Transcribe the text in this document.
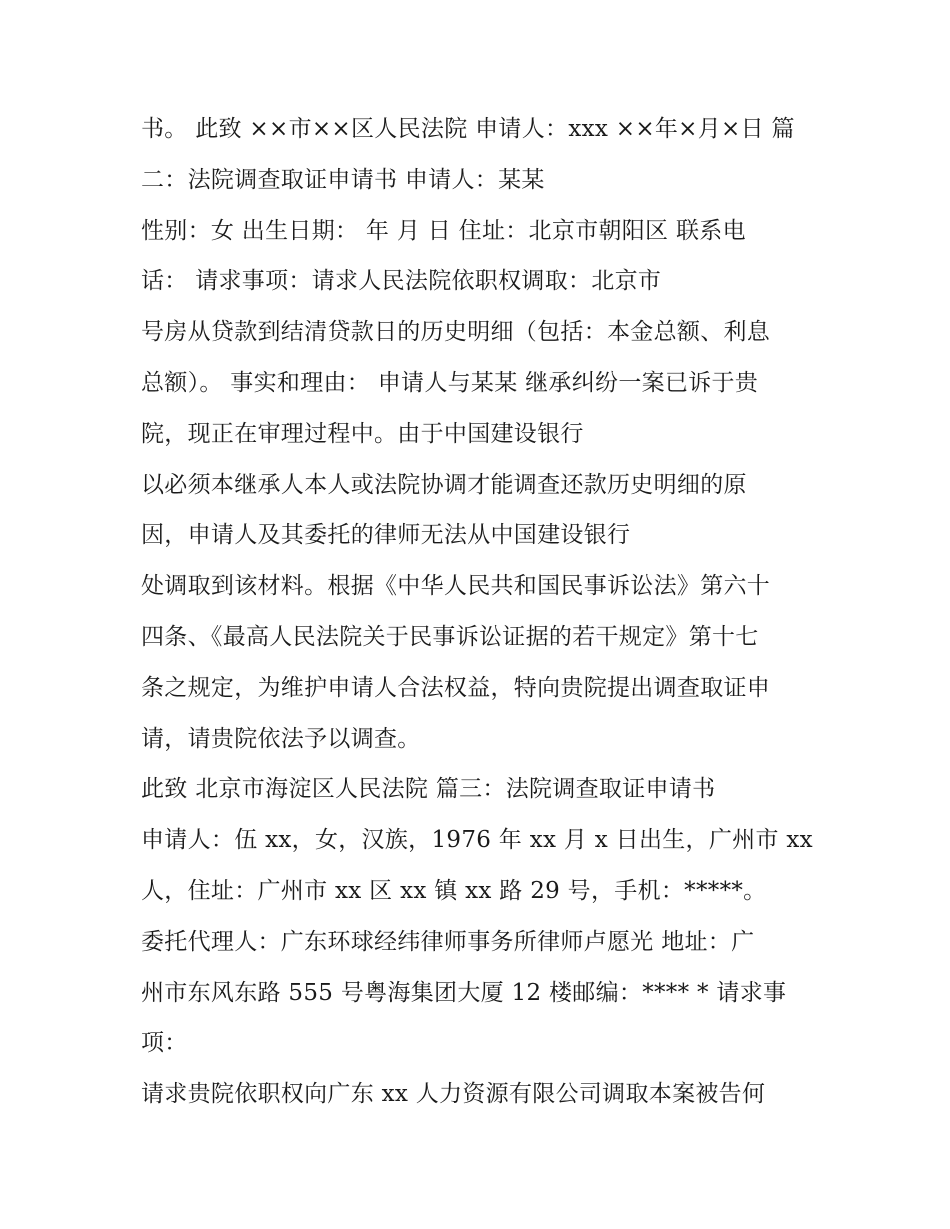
书。 此致 ××市××区人民法院 申请人：xxx ××年×月×日 篇
二：法院调查取证申请书 申请人：某某
性别：女 出生日期： 年 月 日 住址：北京市朝阳区 联系电
话： 请求事项：请求人民法院依职权调取：北京市
号房从贷款到结清贷款日的历史明细（包括：本金总额、利息
总额）。 事实和理由： 申请人与某某 继承纠纷一案已诉于贵
院，现正在审理过程中。由于中国建设银行
以必须本继承人本人或法院协调才能调查还款历史明细的原
因，申请人及其委托的律师无法从中国建设银行
处调取到该材料。根据《中华人民共和国民事诉讼法》第六十
四条、《最高人民法院关于民事诉讼证据的若干规定》第十七
条之规定，为维护申请人合法权益，特向贵院提出调查取证申
请，请贵院依法予以调查。
此致 北京市海淀区人民法院 篇三：法院调查取证申请书
申请人：伍 xx，女，汉族，1976 年 xx 月 x 日出生，广州市 xx
人，住址：广州市 xx 区 xx 镇 xx 路 29 号，手机：*****。
委托代理人：广东环球经纬律师事务所律师卢愿光 地址：广
州市东风东路 555 号粤海集团大厦 12 楼邮编：**** * 请求事
项：
请求贵院依职权向广东 xx 人力资源有限公司调取本案被告何
